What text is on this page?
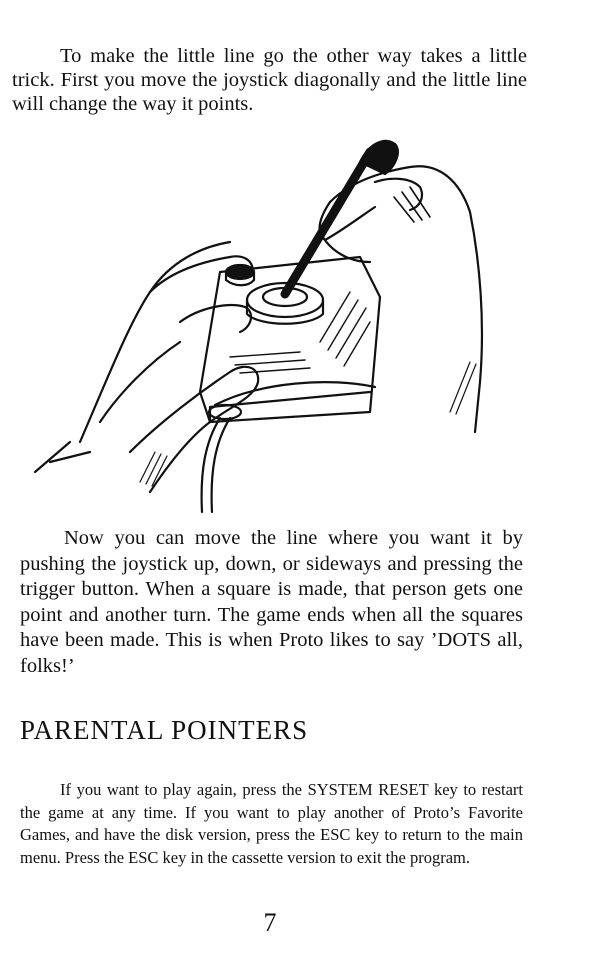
To make the little line go the other way takes a little trick. First you move the joystick diagonally and the little line will change the way it points.

Now you can move the line where you want it by pushing the joystick up, down, or sideways and pressing the trigger button. When a square is made, that person gets one point and another turn. The game ends when all the squares have been made. This is when Proto likes to say ’DOTS all, folks!’

PARENTAL POINTERS

If you want to play again, press the SYSTEM RESET key to restart the game at any time. If you want to play another of Proto’s Favorite Games, and have the disk version, press the ESC key to return to the main menu. Press the ESC key in the cassette version to exit the program.

7
